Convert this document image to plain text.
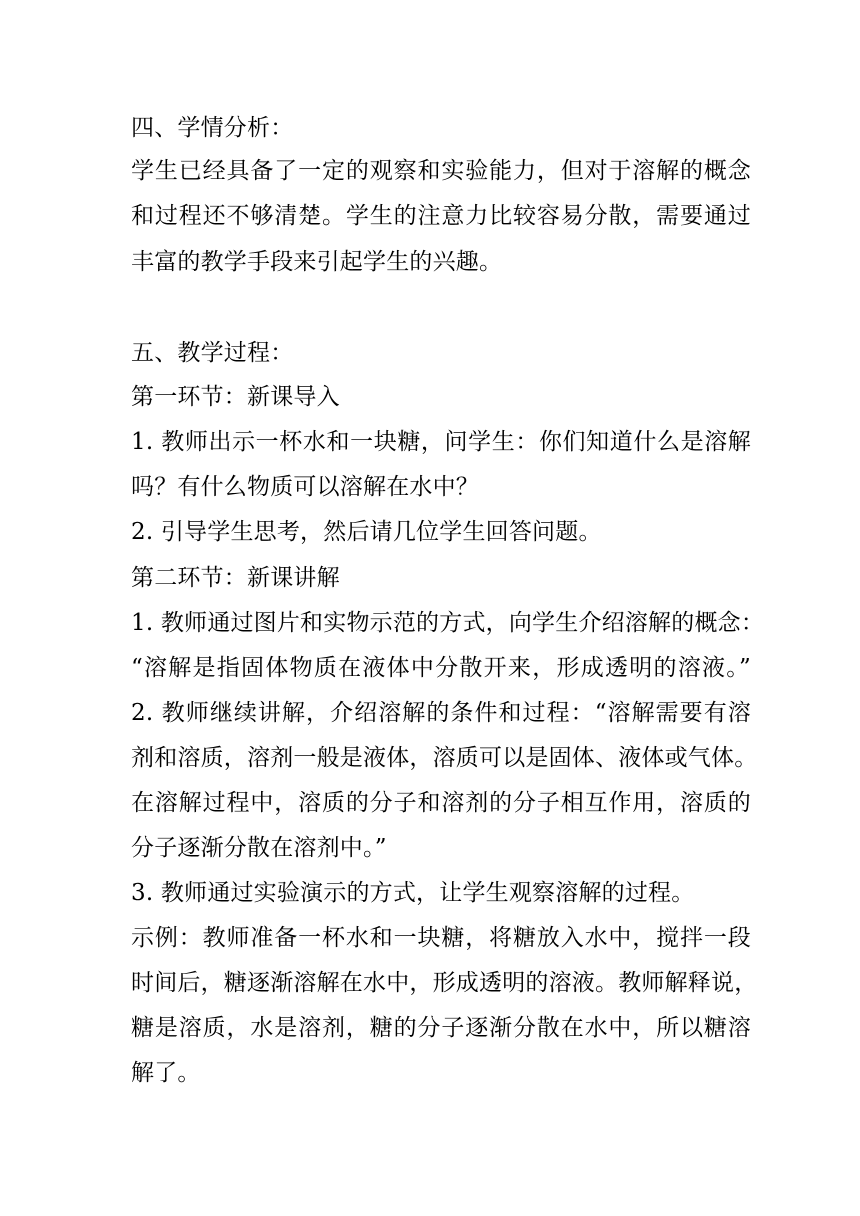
四、学情分析：
学生已经具备了一定的观察和实验能力，但对于溶解的概念
和过程还不够清楚。学生的注意力比较容易分散，需要通过
丰富的教学手段来引起学生的兴趣。
五、教学过程：
第一环节：新课导入
1. 教师出示一杯水和一块糖，问学生：你们知道什么是溶解
吗？有什么物质可以溶解在水中？
2. 引导学生思考，然后请几位学生回答问题。
第二环节：新课讲解
1. 教师通过图片和实物示范的方式，向学生介绍溶解的概念：
“溶解是指固体物质在液体中分散开来，形成透明的溶液。”
2. 教师继续讲解，介绍溶解的条件和过程：“溶解需要有溶
剂和溶质，溶剂一般是液体，溶质可以是固体、液体或气体。
在溶解过程中，溶质的分子和溶剂的分子相互作用，溶质的
分子逐渐分散在溶剂中。”
3. 教师通过实验演示的方式，让学生观察溶解的过程。
示例：教师准备一杯水和一块糖，将糖放入水中，搅拌一段
时间后，糖逐渐溶解在水中，形成透明的溶液。教师解释说，
糖是溶质，水是溶剂，糖的分子逐渐分散在水中，所以糖溶
解了。
